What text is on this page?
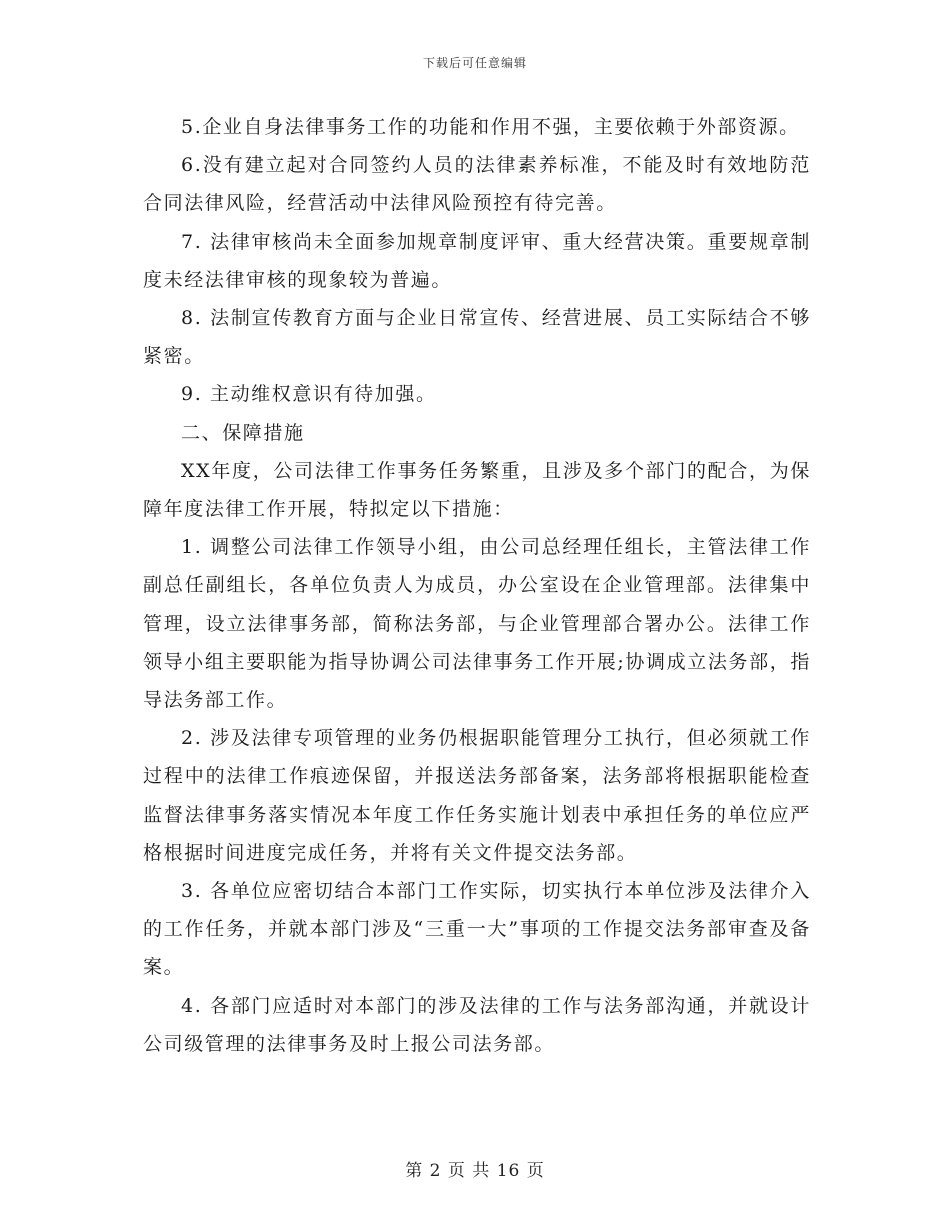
下载后可任意编辑

5.企业自身法律事务工作的功能和作用不强，主要依赖于外部资源。

6.没有建立起对合同签约人员的法律素养标准，不能及时有效地防范合同法律风险，经营活动中法律风险预控有待完善。

7. 法律审核尚未全面参加规章制度评审、重大经营决策。重要规章制度未经法律审核的现象较为普遍。

8. 法制宣传教育方面与企业日常宣传、经营进展、员工实际结合不够紧密。

9. 主动维权意识有待加强。

二、保障措施

XX年度，公司法律工作事务任务繁重，且涉及多个部门的配合，为保障年度法律工作开展，特拟定以下措施：

1. 调整公司法律工作领导小组，由公司总经理任组长，主管法律工作副总任副组长，各单位负责人为成员，办公室设在企业管理部。法律集中管理，设立法律事务部，简称法务部，与企业管理部合署办公。法律工作领导小组主要职能为指导协调公司法律事务工作开展;协调成立法务部，指导法务部工作。

2. 涉及法律专项管理的业务仍根据职能管理分工执行，但必须就工作过程中的法律工作痕迹保留，并报送法务部备案，法务部将根据职能检查监督法律事务落实情况本年度工作任务实施计划表中承担任务的单位应严格根据时间进度完成任务，并将有关文件提交法务部。

3. 各单位应密切结合本部门工作实际，切实执行本单位涉及法律介入的工作任务，并就本部门涉及“三重一大”事项的工作提交法务部审查及备案。

4. 各部门应适时对本部门的涉及法律的工作与法务部沟通，并就设计公司级管理的法律事务及时上报公司法务部。

第 2 页 共 16 页
